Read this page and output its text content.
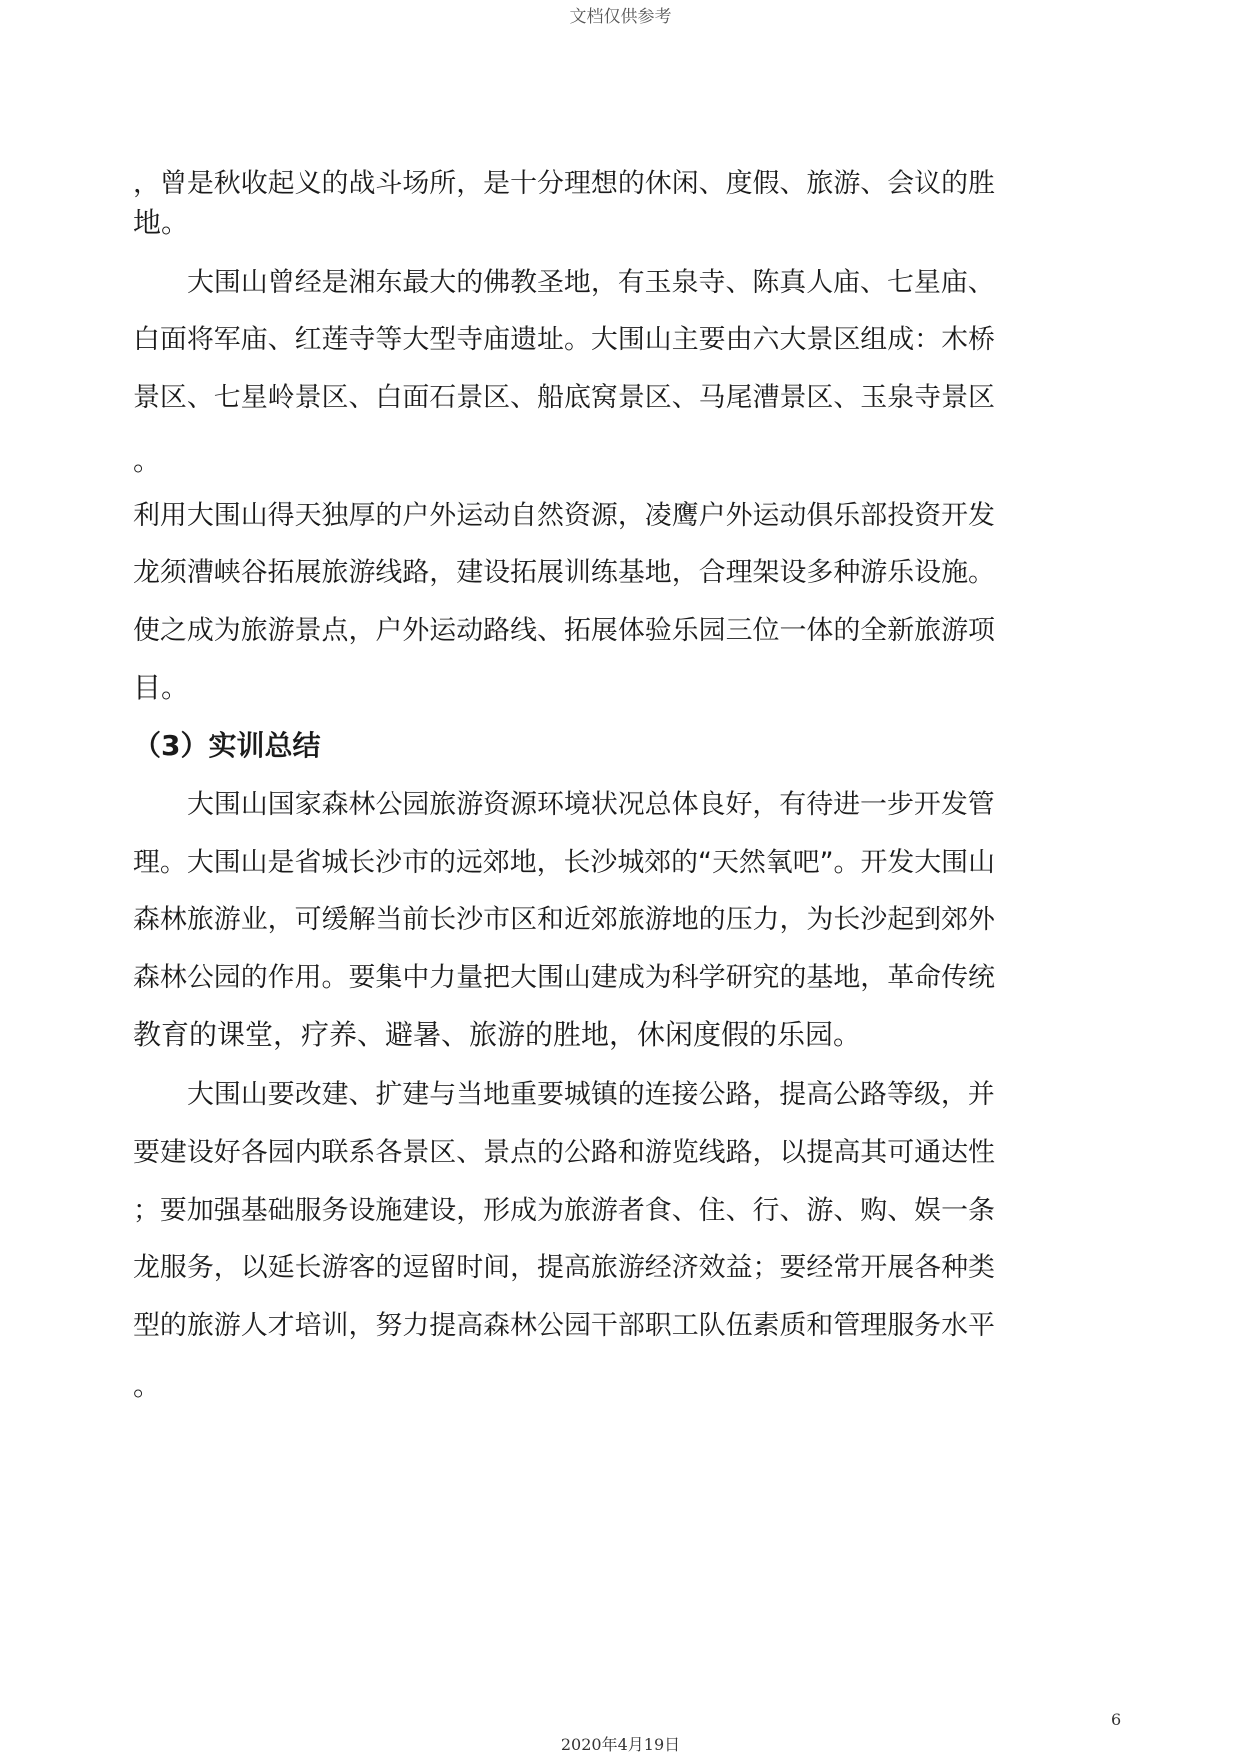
文档仅供参考
，曾是秋收起义的战斗场所，是十分理想的休闲、度假、旅游、会议的胜
地。
大围山曾经是湘东最大的佛教圣地，有玉泉寺、陈真人庙、七星庙、
白面将军庙、红莲寺等大型寺庙遗址。大围山主要由六大景区组成：木桥
景区、七星岭景区、白面石景区、船底窝景区、马尾漕景区、玉泉寺景区
。
利用大围山得天独厚的户外运动自然资源，凌鹰户外运动俱乐部投资开发
龙须漕峡谷拓展旅游线路，建设拓展训练基地，合理架设多种游乐设施。
使之成为旅游景点，户外运动路线、拓展体验乐园三位一体的全新旅游项
目。
（3）实训总结
大围山国家森林公园旅游资源环境状况总体良好，有待进一步开发管
理。大围山是省城长沙市的远郊地，长沙城郊的“天然氧吧”。开发大围山
森林旅游业，可缓解当前长沙市区和近郊旅游地的压力，为长沙起到郊外
森林公园的作用。要集中力量把大围山建成为科学研究的基地，革命传统
教育的课堂，疗养、避暑、旅游的胜地，休闲度假的乐园。
大围山要改建、扩建与当地重要城镇的连接公路，提高公路等级，并
要建设好各园内联系各景区、景点的公路和游览线路，以提高其可通达性
；要加强基础服务设施建设，形成为旅游者食、住、行、游、购、娱一条
龙服务，以延长游客的逗留时间，提高旅游经济效益；要经常开展各种类
型的旅游人才培训，努力提高森林公园干部职工队伍素质和管理服务水平
。
6
2020年4月19日
